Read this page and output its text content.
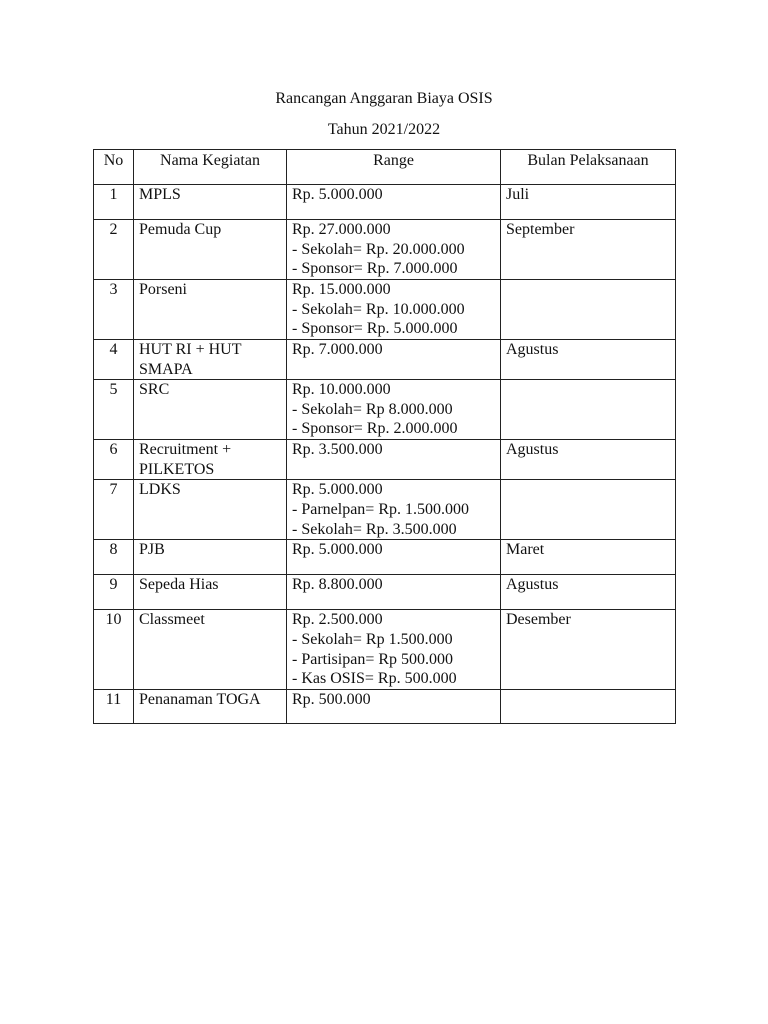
Rancangan Anggaran Biaya OSIS
Tahun 2021/2022
No	Nama Kegiatan	Range	Bulan Pelaksanaan
1	MPLS	Rp. 5.000.000	Juli
2	Pemuda Cup	Rp. 27.000.000
- Sekolah= Rp. 20.000.000
- Sponsor= Rp. 7.000.000	September
3	Porseni	Rp. 15.000.000
- Sekolah= Rp. 10.000.000
- Sponsor= Rp. 5.000.000	

4	HUT RI + HUT
SMAPA	Rp. 7.000.000	Agustus
5	SRC	Rp. 10.000.000
- Sekolah= Rp 8.000.000
- Sponsor= Rp. 2.000.000	

6	Recruitment +
PILKETOS	Rp. 3.500.000	Agustus
7	LDKS	Rp. 5.000.000
- Parnelpan= Rp. 1.500.000
- Sekolah= Rp. 3.500.000	

8	PJB	Rp. 5.000.000	Maret
9	Sepeda Hias	Rp. 8.800.000	Agustus
10	Classmeet	Rp. 2.500.000
- Sekolah= Rp 1.500.000
- Partisipan= Rp 500.000
- Kas OSIS= Rp. 500.000	Desember
11	Penanaman TOGA	Rp. 500.000	
